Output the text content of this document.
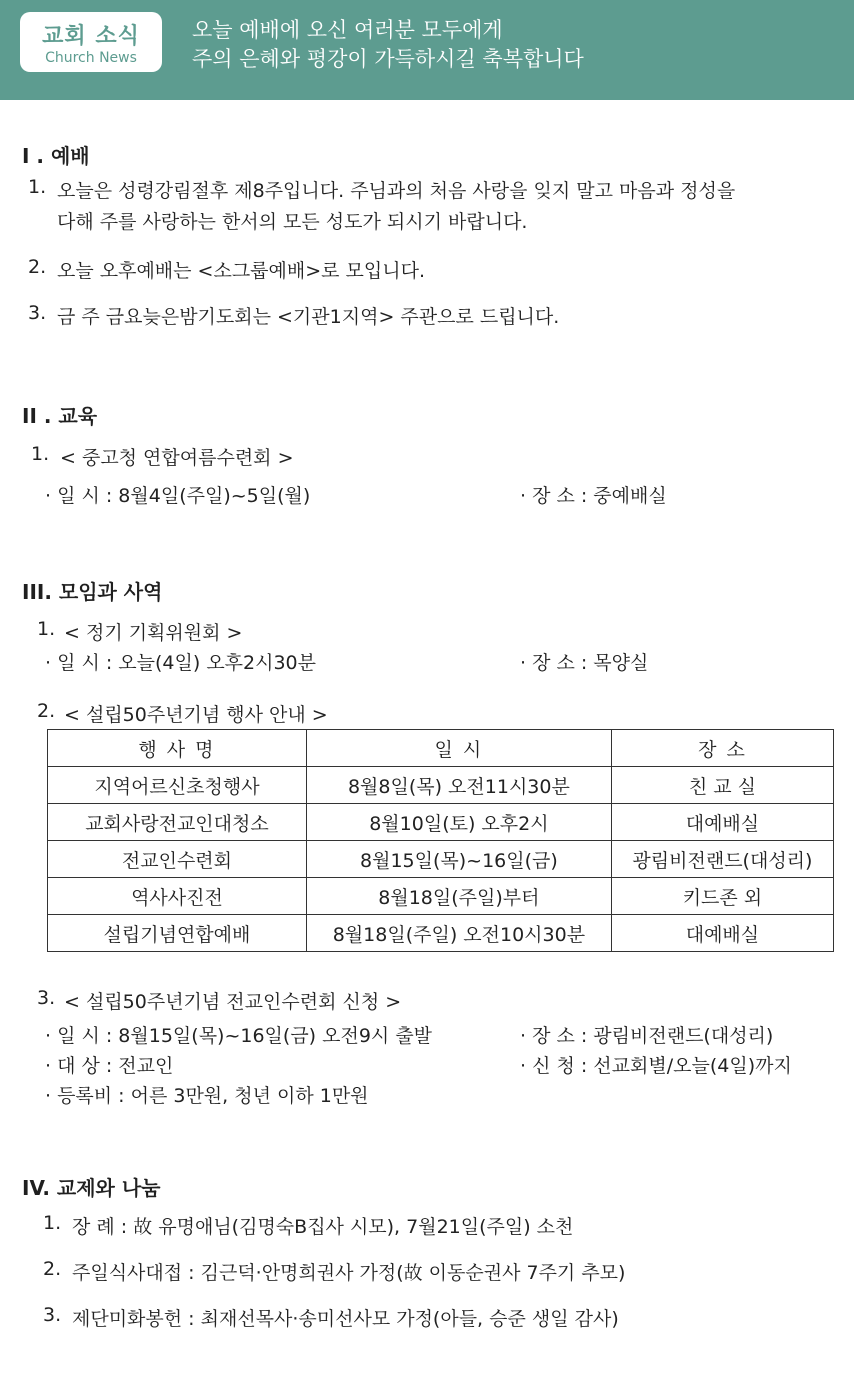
교회 소식
Church News
오늘 예배에 오신 여러분 모두에게
주의 은혜와 평강이 가득하시길 축복합니다
I . 예배
1. 오늘은 성령강림절후 제8주입니다. 주님과의 처음 사랑을 잊지 말고 마음과 정성을
다해 주를 사랑하는 한서의 모든 성도가 되시기 바랍니다.
2. 오늘 오후예배는 <소그룹예배>로 모입니다.
3. 금 주 금요늦은밤기도회는 <기관1지역> 주관으로 드립니다.
II . 교육
1. < 중고청 연합여름수련회 >
· 일 시 : 8월4일(주일)~5일(월)	· 장 소 : 중예배실
III. 모임과 사역
1. < 정기 기획위원회 >
· 일 시 : 오늘(4일) 오후2시30분	· 장 소 : 목양실
2. < 설립50주년기념 행사 안내 >
행 사 명	일 시	장 소
지역어르신초청행사	8월8일(목) 오전11시30분	친 교 실
교회사랑전교인대청소	8월10일(토) 오후2시	대예배실
전교인수련회	8월15일(목)~16일(금)	광림비전랜드(대성리)
역사사진전	8월18일(주일)부터	키드존 외
설립기념연합예배	8월18일(주일) 오전10시30분	대예배실
3. < 설립50주년기념 전교인수련회 신청 >
· 일 시 : 8월15일(목)~16일(금) 오전9시 출발	· 장 소 : 광림비전랜드(대성리)
· 대 상 : 전교인	· 신 청 : 선교회별/오늘(4일)까지
· 등록비 : 어른 3만원, 청년 이하 1만원
IV. 교제와 나눔
1. 장 례 : 故 유명애님(김명숙B집사 시모), 7월21일(주일) 소천
2. 주일식사대접 : 김근덕·안명희권사 가정(故 이동순권사 7주기 추모)
3. 제단미화봉헌 : 최재선목사·송미선사모 가정(아들, 승준 생일 감사)
